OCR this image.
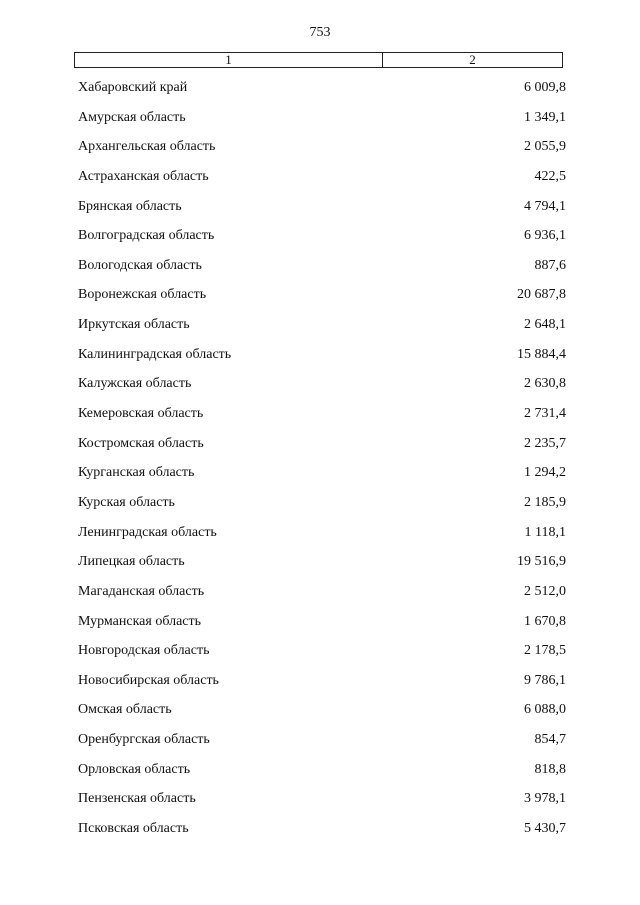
753
1	2
Хабаровский край	6 009,8
Амурская область	1 349,1
Архангельская область	2 055,9
Астраханская область	422,5
Брянская область	4 794,1
Волгоградская область	6 936,1
Вологодская область	887,6
Воронежская область	20 687,8
Иркутская область	2 648,1
Калининградская область	15 884,4
Калужская область	2 630,8
Кемеровская область	2 731,4
Костромская область	2 235,7
Курганская область	1 294,2
Курская область	2 185,9
Ленинградская область	1 118,1
Липецкая область	19 516,9
Магаданская область	2 512,0
Мурманская область	1 670,8
Новгородская область	2 178,5
Новосибирская область	9 786,1
Омская область	6 088,0
Оренбургская область	854,7
Орловская область	818,8
Пензенская область	3 978,1
Псковская область	5 430,7
